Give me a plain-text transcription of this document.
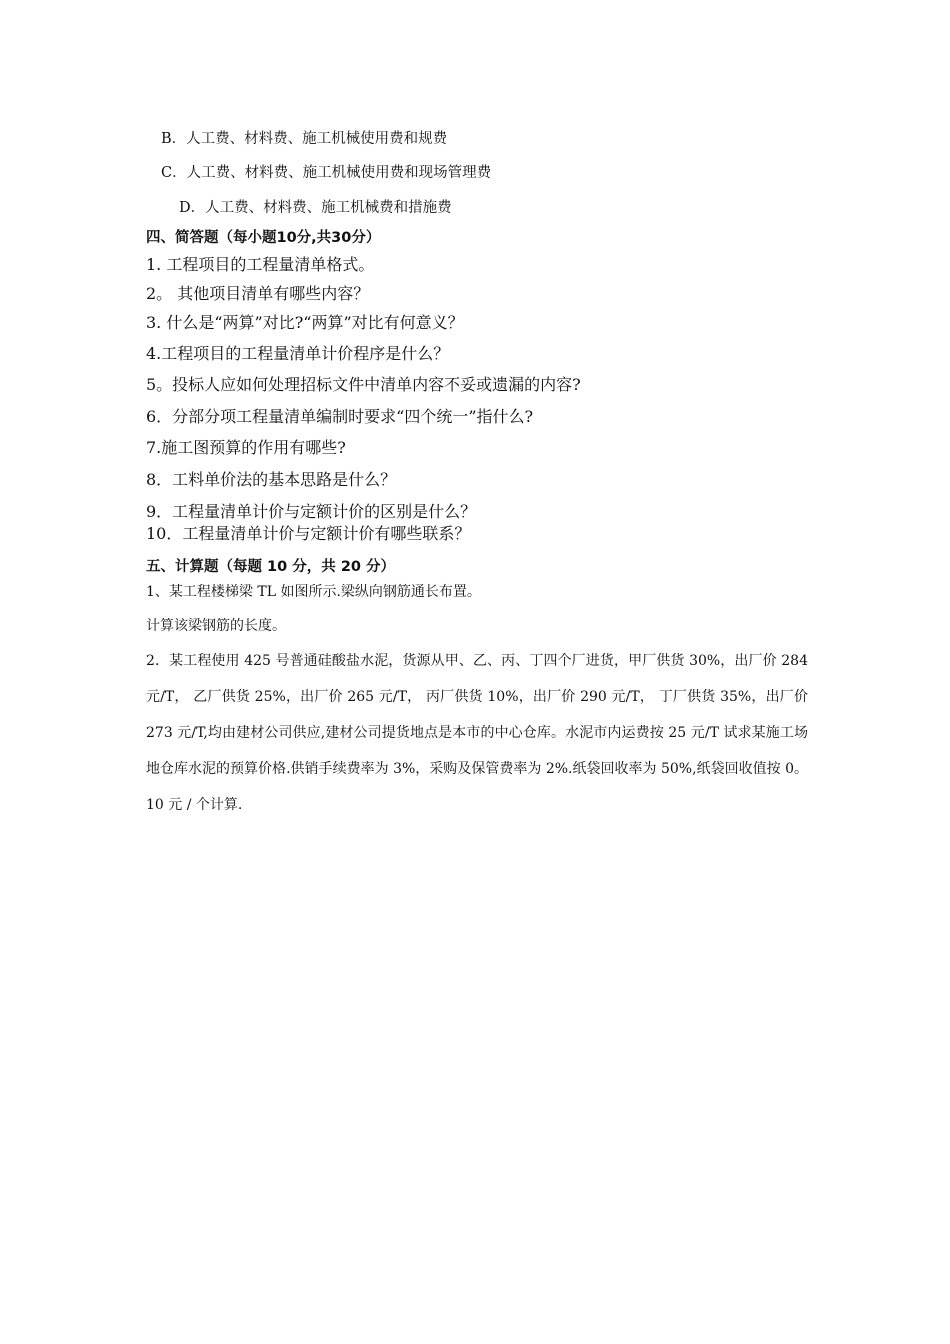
B．人工费、材料费、施工机械使用费和规费
C．人工费、材料费、施工机械使用费和现场管理费
D．人工费、材料费、施工机械费和措施费
四、简答题（每小题10分,共30分）
1. 工程项目的工程量清单格式。
2。 其他项目清单有哪些内容？
3. 什么是“两算”对比?“两算”对比有何意义？
4.工程项目的工程量清单计价程序是什么？
5。投标人应如何处理招标文件中清单内容不妥或遗漏的内容?
6．分部分项工程量清单编制时要求“四个统一”指什么?
7.施工图预算的作用有哪些?
8．工料单价法的基本思路是什么？
9．工程量清单计价与定额计价的区别是什么？
10．工程量清单计价与定额计价有哪些联系？
五、计算题（每题 10 分，共 20 分）
1、某工程楼梯梁 TL 如图所示.梁纵向钢筋通长布置。
计算该梁钢筋的长度。

2．某工程使用 425 号普通硅酸盐水泥，货源从甲、乙、丙、丁四个厂进货，甲厂供货 30%，出厂价 284 元/T， 乙厂供货 25%，出厂价 265 元/T， 丙厂供货 10%，出厂价 290 元/T， 丁厂供货 35%，出厂价 273 元/T,均由建材公司供应,建材公司提货地点是本市的中心仓库。水泥市内运费按 25 元/T 试求某施工场地仓库水泥的预算价格.供销手续费率为 3%，采购及保管费率为 2%.纸袋回收率为 50%,纸袋回收值按 0。10 元 / 个计算.
